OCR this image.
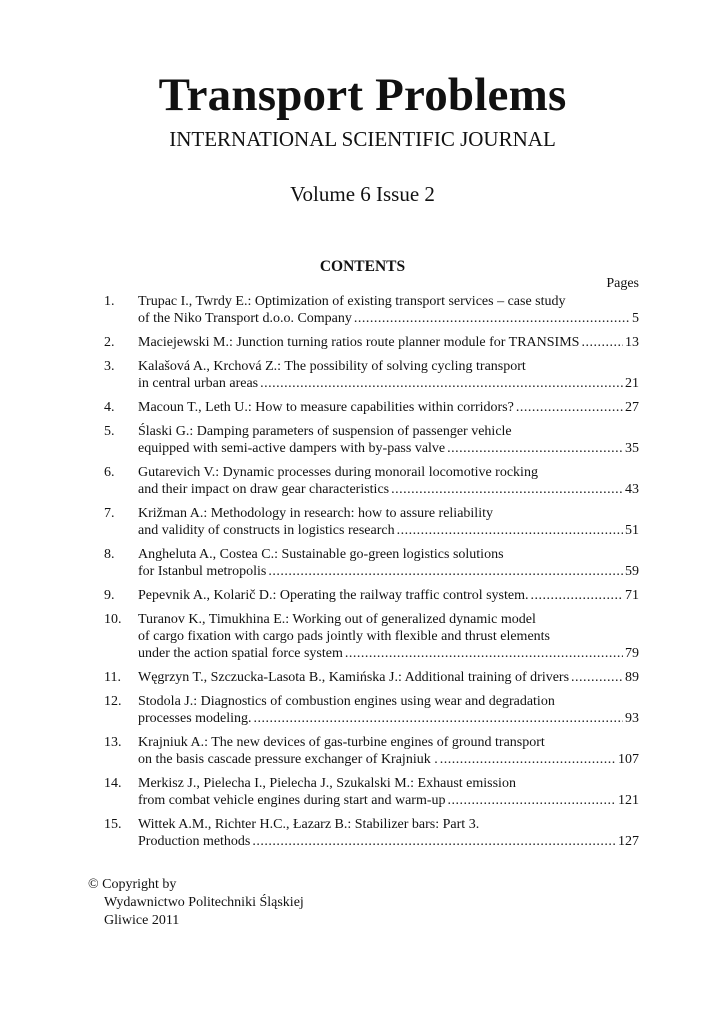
Transport Problems
INTERNATIONAL SCIENTIFIC JOURNAL
Volume 6 Issue 2
CONTENTS
Pages
1. Trupac I., Twrdy E.: Optimization of existing transport services – case study
of the Niko Transport d.o.o. Company .....	5
2. Maciejewski M.: Junction turning ratios route planner module for TRANSIMS .....	13
3. Kalašová A., Krchová Z.: The possibility of solving cycling transport
in central urban areas .....	21
4. Macoun T., Leth U.: How to measure capabilities within corridors? .....	27
5. Ślaski G.: Damping parameters of suspension of passenger vehicle
equipped with semi-active dampers with by-pass valve .....	35
6. Gutarevich V.: Dynamic processes during monorail locomotive rocking
and their impact on draw gear characteristics .....	43
7. Križman A.: Methodology in research: how to assure reliability
and validity of constructs in logistics research .....	51
8. Angheluta A., Costea C.: Sustainable go-green logistics solutions
for Istanbul metropolis .....	59
9. Pepevnik A., Kolarič D.: Operating the railway traffic control system. .....	71
10. Turanov K., Timukhina E.: Working out of generalized dynamic model
of cargo fixation with cargo pads jointly with flexible and thrust elements
under the action spatial force system .....	79
11. Węgrzyn T., Szczucka-Lasota B., Kamińska J.: Additional training of drivers .....	89
12. Stodola J.: Diagnostics of combustion engines using wear and degradation
processes modeling. .....	93
13. Krajniuk A.: The new devices of gas-turbine engines of ground transport
on the basis cascade pressure exchanger of Krajniuk . .....	107
14. Merkisz J., Pielecha I., Pielecha J., Szukalski M.: Exhaust emission
from combat vehicle engines during start and warm-up .....	121
15. Wittek A.M., Richter H.C., Łazarz B.: Stabilizer bars: Part 3.
Production methods .....	127
© Copyright by
Wydawnictwo Politechniki Śląskiej
Gliwice 2011
